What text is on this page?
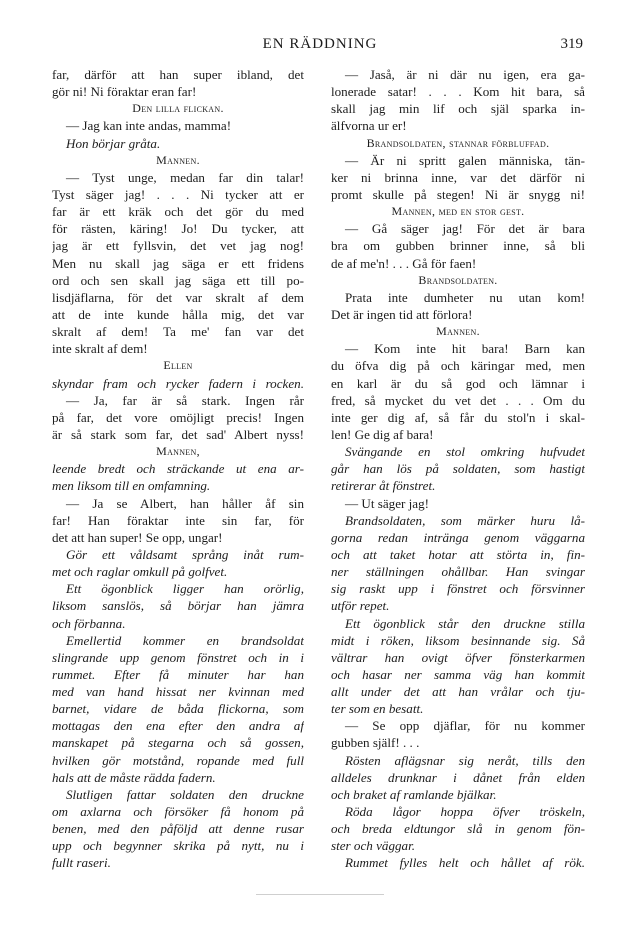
EN RÄDDNING	319
far, därför att han super ibland, det
gör ni! Ni föraktar eran far!
Den lilla flickan.
— Jag kan inte andas, mamma!
Hon börjar gråta.
Mannen.
— Tyst unge, medan far din talar!
Tyst säger jag! . . . Ni tycker att er
far är ett kräk och det gör du med
för rästen, käring! Jo! Du tycker, att
jag är ett fyllsvin, det vet jag nog!
Men nu skall jag säga er ett fridens
ord och sen skall jag säga ett till po-
lisdjäflarna, för det var skralt af dem
att de inte kunde hålla mig, det var
skralt af dem! Ta me' fan var det
inte skralt af dem!
Ellen
skyndar fram och rycker fadern i rocken.
— Ja, far är så stark. Ingen rår
på far, det vore omöjligt precis! Ingen
är så stark som far, det sad' Albert nyss!
Mannen,
leende bredt och sträckande ut ena ar-
men liksom till en omfamning.
— Ja se Albert, han håller åf sin
far! Han föraktar inte sin far, för
det att han super! Se opp, ungar!
Gör ett våldsamt språng inåt rum-
met och raglar omkull på golfvet.
Ett ögonblick ligger han orörlig,
liksom sanslös, så börjar han jämra
och förbanna.
Emellertid kommer en brandsoldat
slingrande upp genom fönstret och in i
rummet. Efter få minuter har han
med van hand hissat ner kvinnan med
barnet, vidare de båda flickorna, som
mottagas den ena efter den andra af
manskapet på stegarna och så gossen,
hvilken gör motstånd, ropande med full
hals att de måste rädda fadern.
Slutligen fattar soldaten den druckne
om axlarna och försöker få honom på
benen, med den påföljd att denne rusar
upp och begynner skrika på nytt, nu i
fullt raseri.
— Jaså, är ni där nu igen, era ga-
lonerade satar! . . . Kom hit bara, så
skall jag min lif och själ sparka in-
älfvorna ur er!
Brandsoldaten, stannar förbluffad.
— Är ni spritt galen människa, tän-
ker ni brinna inne, var det därför ni
promt skulle på stegen! Ni är snygg ni!
Mannen, med en stor gest.
— Gå säger jag! För det är bara
bra om gubben brinner inne, så bli
de af me'n! . . . Gå för faen!
Brandsoldaten.
Prata inte dumheter nu utan kom!
Det är ingen tid att förlora!
Mannen.
— Kom inte hit bara! Barn kan
du öfva dig på och käringar med, men
en karl är du så god och lämnar i
fred, så mycket du vet det . . . Om du
inte ger dig af, så får du stol'n i skal-
len! Ge dig af bara!
Svängande en stol omkring hufvudet
går han lös på soldaten, som hastigt
retirerar åt fönstret.
— Ut säger jag!
Brandsoldaten, som märker huru lå-
gorna redan intränga genom väggarna
och att taket hotar att störta in, fin-
ner ställningen ohållbar. Han svingar
sig raskt upp i fönstret och försvinner
utför repet.
Ett ögonblick står den druckne stilla
midt i röken, liksom besinnande sig. Så
vältrar han ovigt öfver fönsterkarmen
och hasar ner samma väg han kommit
allt under det att han vrålar och tju-
ter som en besatt.
— Se opp djäflar, för nu kommer
gubben själf! . . .
Rösten aflägsnar sig neråt, tills den
alldeles drunknar i dånet från elden
och braket af ramlande bjälkar.
Röda lågor hoppa öfver tröskeln,
och breda eldtungor slå in genom fön-
ster och väggar.
Rummet fylles helt och hållet af rök.
